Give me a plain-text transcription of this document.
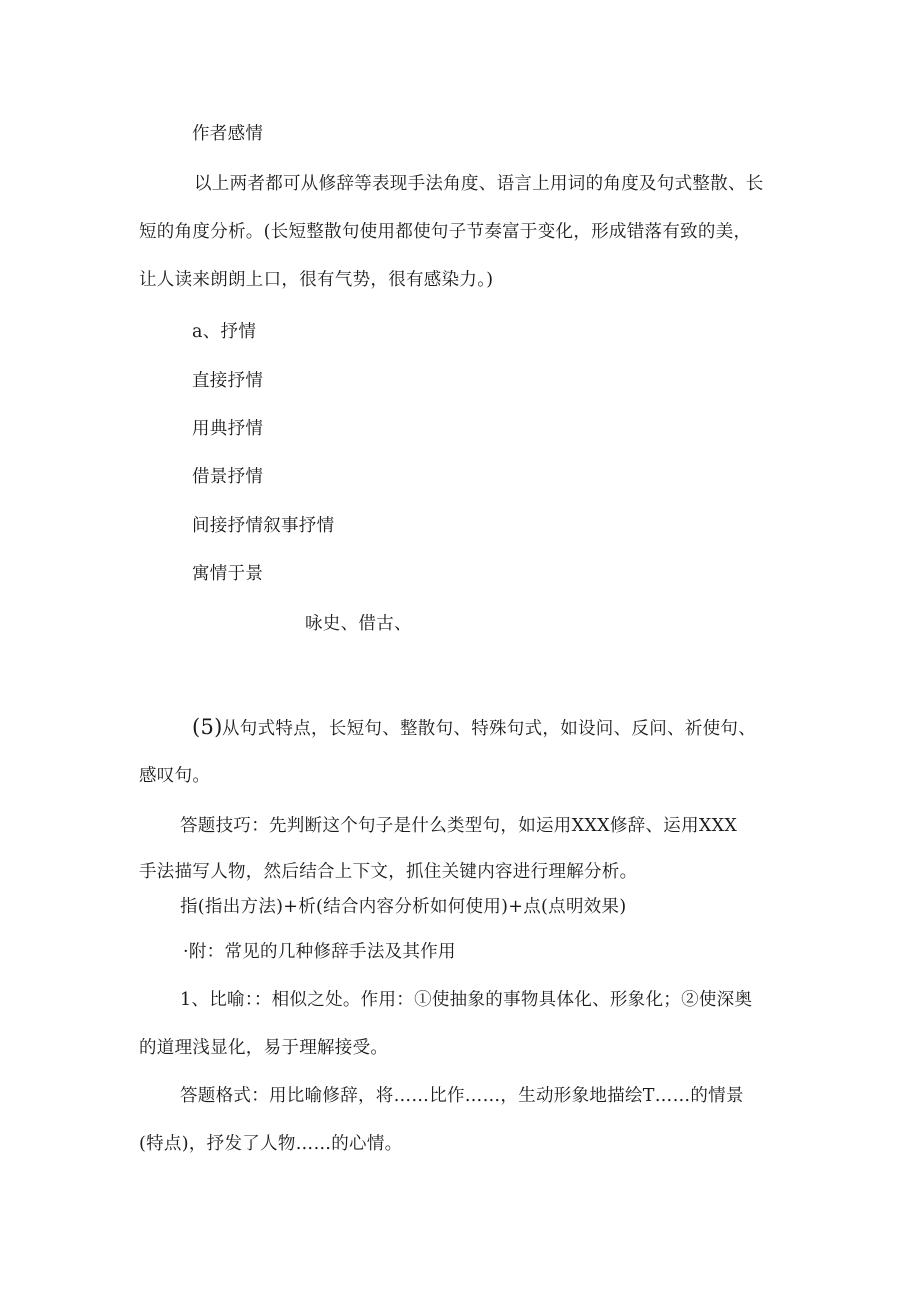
作者感情
以上两者都可从修辞等表现手法角度、语言上用词的角度及句式整散、长
短的角度分析。(长短整散句使用都使句子节奏富于变化，形成错落有致的美，
让人读来朗朗上口，很有气势，很有感染力。)
a、抒情
直接抒情
用典抒情
借景抒情
间接抒情叙事抒情
寓情于景
咏史、借古、
(5) 从句式特点，长短句、整散句、特殊句式，如设问、反问、祈使句、
感叹句。
答题技巧：先判断这个句子是什么类型句，如运用XXX修辞、运用XXX
手法描写人物，然后结合上下文，抓住关键内容进行理解分析。
指(指出方法)+析(结合内容分析如何使用)+点(点明效果)
·附：常见的几种修辞手法及其作用
1、比喻：：相似之处。作用：①使抽象的事物具体化、形象化；②使深奥
的道理浅显化，易于理解接受。
答题格式：用比喻修辞，将……比作……，生动形象地描绘T……的情景
(特点)，抒发了人物……的心情。
